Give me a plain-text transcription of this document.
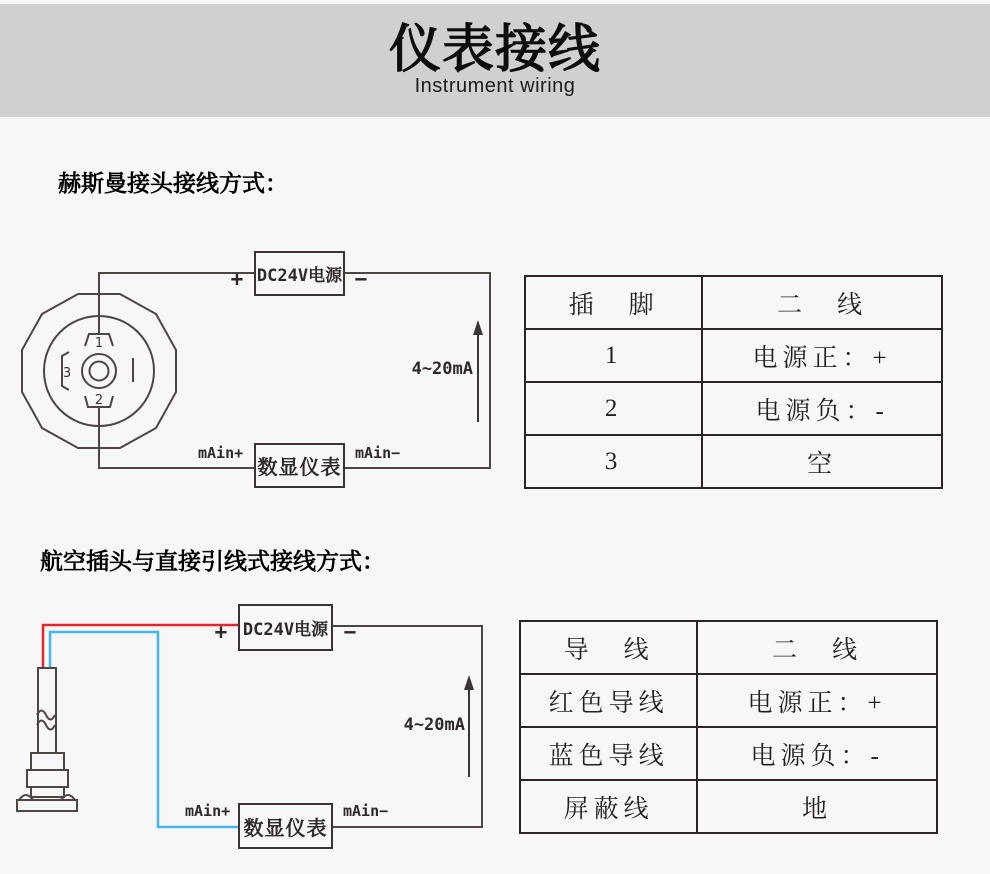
仪表接线
Instrument wiring
赫斯曼接头接线方式：
1
2
3
DC24V电源
数显仪表
+	−
4~20mA
mAin+	mAin−
插　脚	二　线
1	电源正：+
2	电源负：-
3	空
航空插头与直接引线式接线方式：
DC24V电源
数显仪表
+	−
4~20mA
mAin+	mAin−
导　线	二　线
红色导线	电源正：+
蓝色导线	电源负：-
屏蔽线	地
